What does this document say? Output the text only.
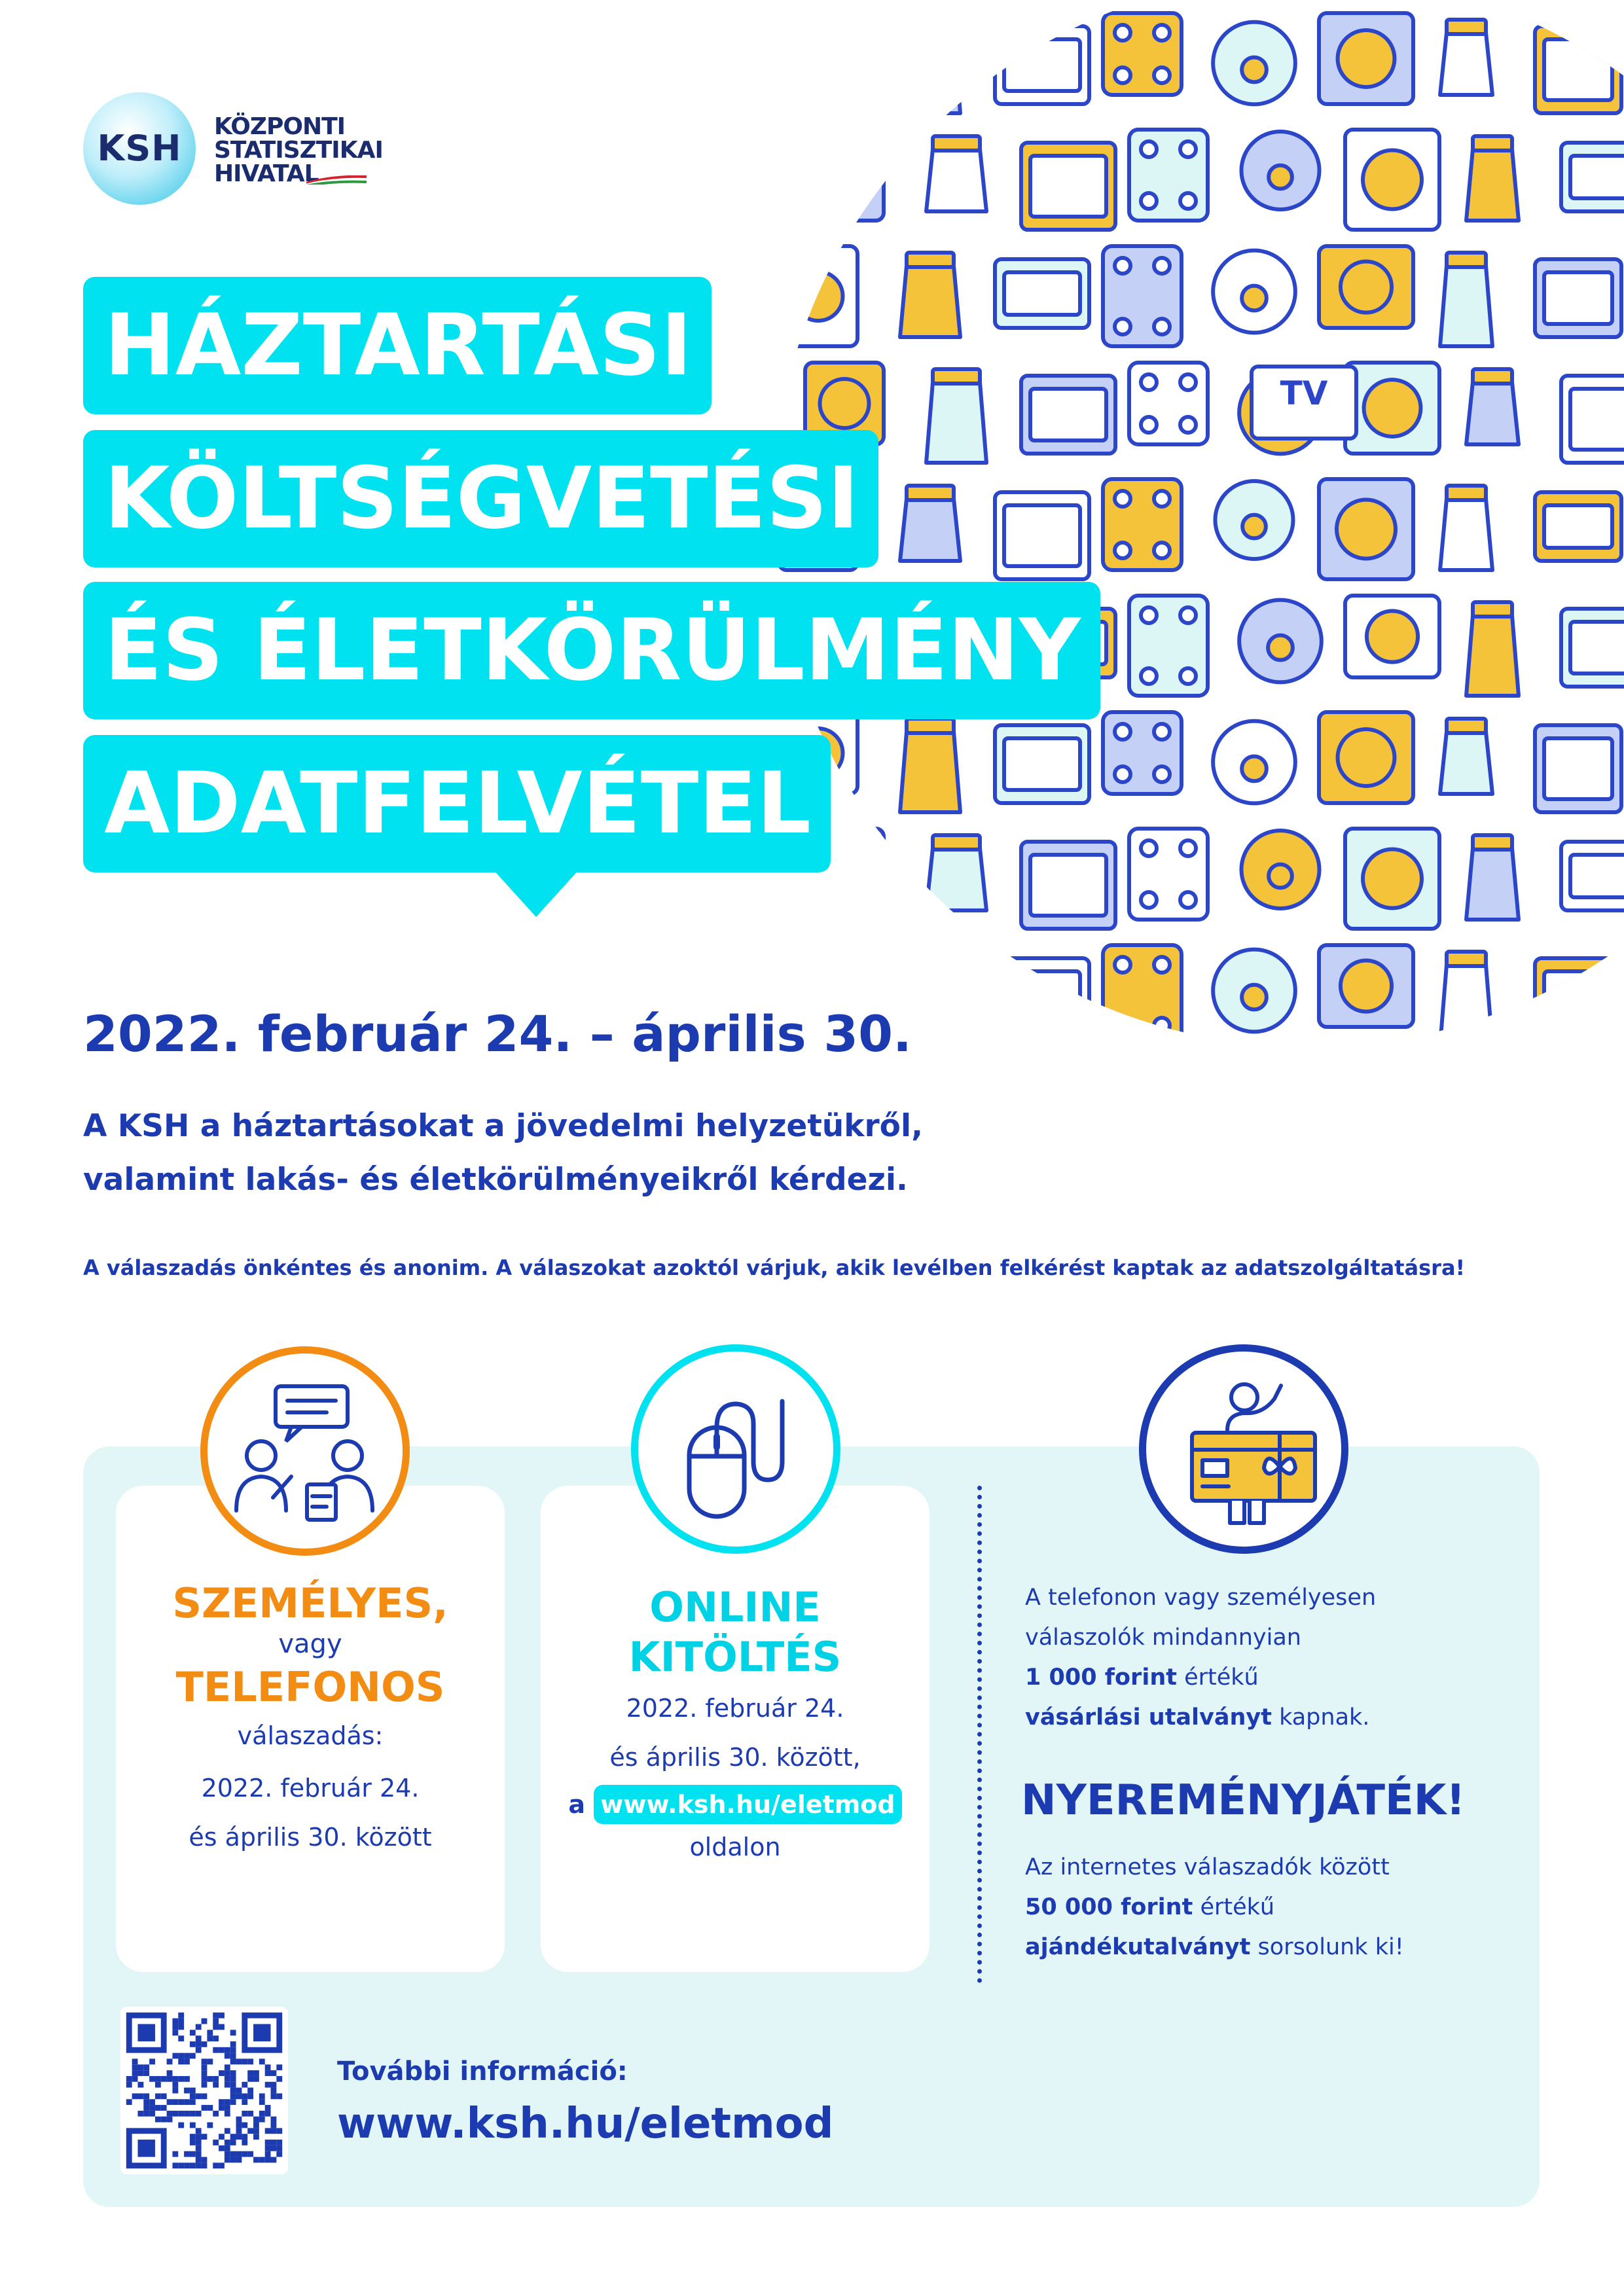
KSH
KÖZPONTI
STATISZTIKAI
HIVATAL
TV
HÁZTARTÁSI
KÖLTSÉGVETÉSI
ÉS ÉLETKÖRÜLMÉNY
ADATFELVÉTEL
2022. február 24. – április 30.
A KSH a háztartásokat a jövedelmi helyzetükről,
valamint lakás- és életkörülményeikről kérdezi.
A válaszadás önkéntes és anonim. A válaszokat azoktól várjuk, akik levélben felkérést kaptak az adatszolgáltatásra!
SZEMÉLYES,
vagy
TELEFONOS
válaszadás:
2022. február 24.
és április 30. között
ONLINE
KITÖLTÉS
2022. február 24.
és április 30. között,
a www.ksh.hu/eletmod
oldalon
A telefonon vagy személyesen
válaszolók mindannyian
1 000 forint értékű
vásárlási utalványt kapnak.
NYEREMÉNYJÁTÉK!
Az internetes válaszadók között
50 000 forint értékű
ajándékutalványt sorsolunk ki!
További információ:
www.ksh.hu/eletmod
